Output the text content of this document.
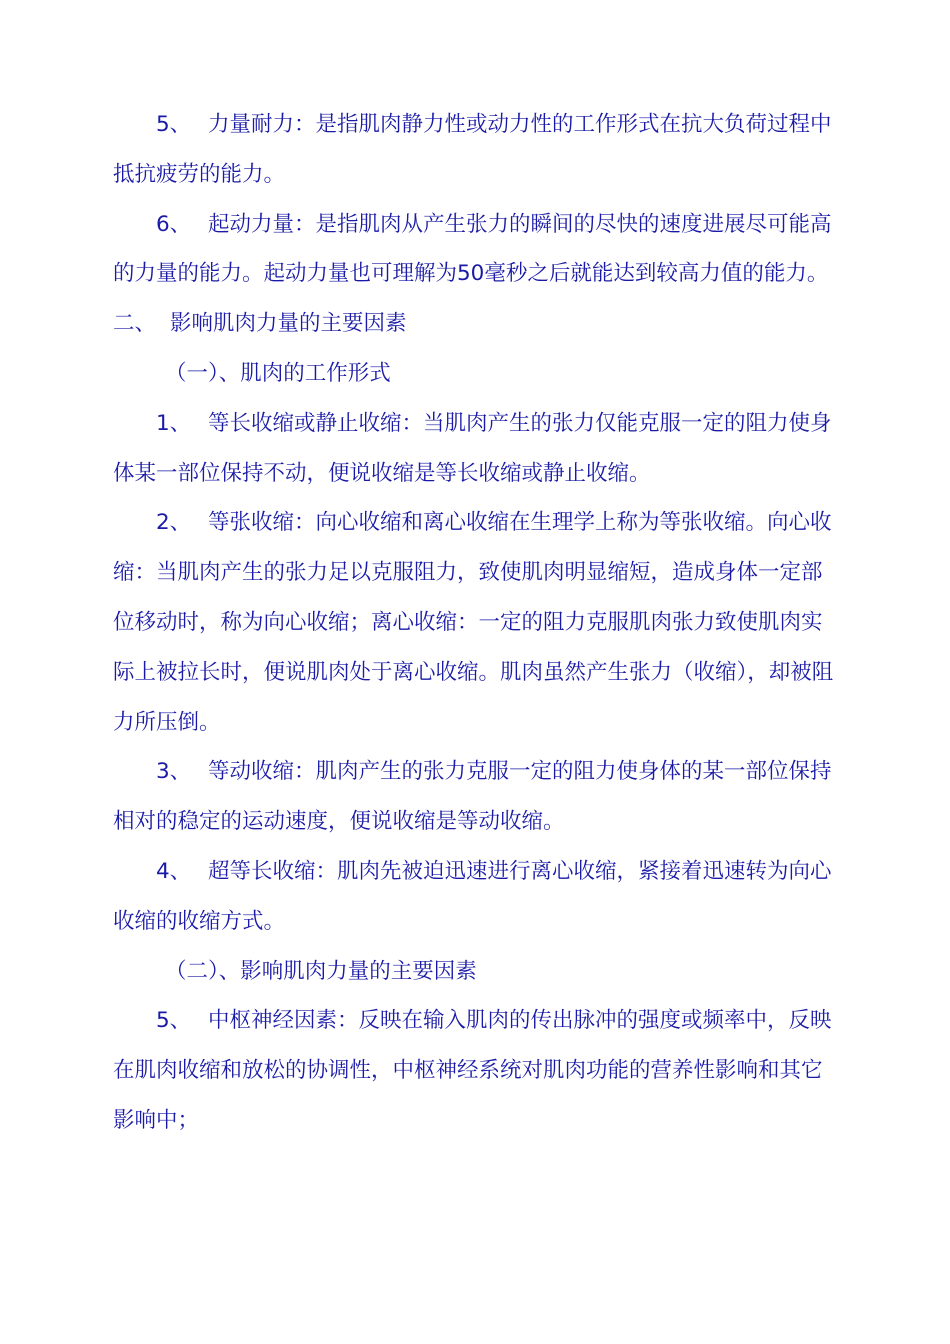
5、 力量耐力：是指肌肉静力性或动力性的工作形式在抗大负荷过程中抵抗疲劳的能力。

6、 起动力量：是指肌肉从产生张力的瞬间的尽快的速度进展尽可能高的力量的能力。起动力量也可理解为50毫秒之后就能达到较高力值的能力。

二、 影响肌肉力量的主要因素

（一）、肌肉的工作形式

1、 等长收缩或静止收缩：当肌肉产生的张力仅能克服一定的阻力使身体某一部位保持不动，便说收缩是等长收缩或静止收缩。

2、 等张收缩：向心收缩和离心收缩在生理学上称为等张收缩。向心收缩：当肌肉产生的张力足以克服阻力，致使肌肉明显缩短，造成身体一定部位移动时，称为向心收缩；离心收缩：一定的阻力克服肌肉张力致使肌肉实际上被拉长时，便说肌肉处于离心收缩。肌肉虽然产生张力（收缩），却被阻力所压倒。

3、 等动收缩：肌肉产生的张力克服一定的阻力使身体的某一部位保持相对的稳定的运动速度，便说收缩是等动收缩。

4、 超等长收缩：肌肉先被迫迅速进行离心收缩，紧接着迅速转为向心收缩的收缩方式。

（二）、影响肌肉力量的主要因素

5、 中枢神经因素：反映在输入肌肉的传出脉冲的强度或频率中，反映在肌肉收缩和放松的协调性，中枢神经系统对肌肉功能的营养性影响和其它影响中；
